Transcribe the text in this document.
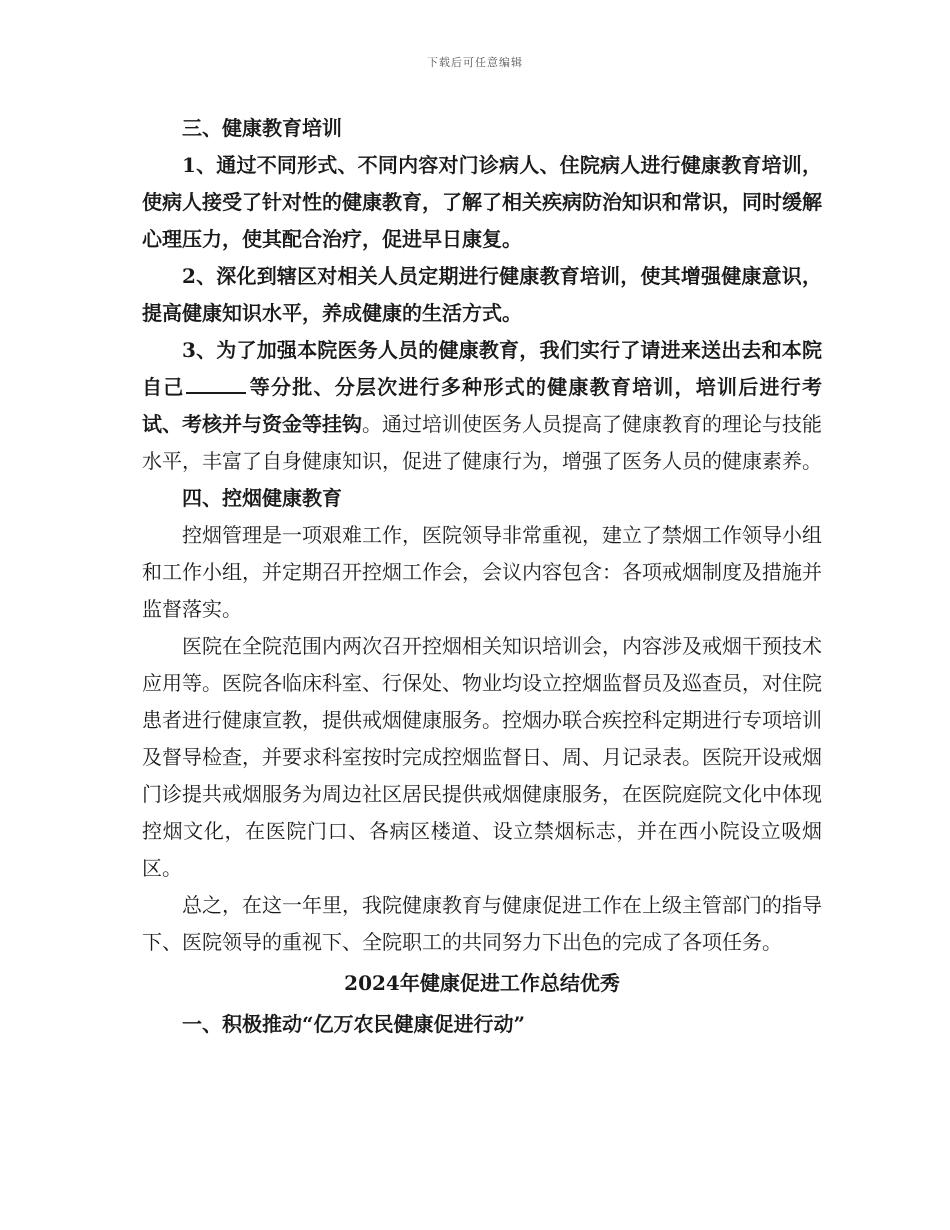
下载后可任意编辑

三、健康教育培训

1、通过不同形式、不同内容对门诊病人、住院病人进行健康教育培训，使病人接受了针对性的健康教育，了解了相关疾病防治知识和常识，同时缓解心理压力，使其配合治疗，促进早日康复。

2、深化到辖区对相关人员定期进行健康教育培训，使其增强健康意识，提高健康知识水平，养成健康的生活方式。

3、为了加强本院医务人员的健康教育，我们实行了请进来送出去和本院自己	等分批、分层次进行多种形式的健康教育培训，培训后进行考试、考核并与资金等挂钩。通过培训使医务人员提高了健康教育的理论与技能水平，丰富了自身健康知识，促进了健康行为，增强了医务人员的健康素养。

四、控烟健康教育

控烟管理是一项艰难工作，医院领导非常重视，建立了禁烟工作领导小组和工作小组，并定期召开控烟工作会，会议内容包含：各项戒烟制度及措施并监督落实。

医院在全院范围内两次召开控烟相关知识培训会，内容涉及戒烟干预技术应用等。医院各临床科室、行保处、物业均设立控烟监督员及巡查员，对住院患者进行健康宣教，提供戒烟健康服务。控烟办联合疾控科定期进行专项培训及督导检查，并要求科室按时完成控烟监督日、周、月记录表。医院开设戒烟门诊提共戒烟服务为周边社区居民提供戒烟健康服务，在医院庭院文化中体现控烟文化，在医院门口、各病区楼道、设立禁烟标志，并在西小院设立吸烟区。

总之，在这一年里，我院健康教育与健康促进工作在上级主管部门的指导下、医院领导的重视下、全院职工的共同努力下出色的完成了各项任务。

2024年健康促进工作总结优秀

一、积极推动“亿万农民健康促进行动”
